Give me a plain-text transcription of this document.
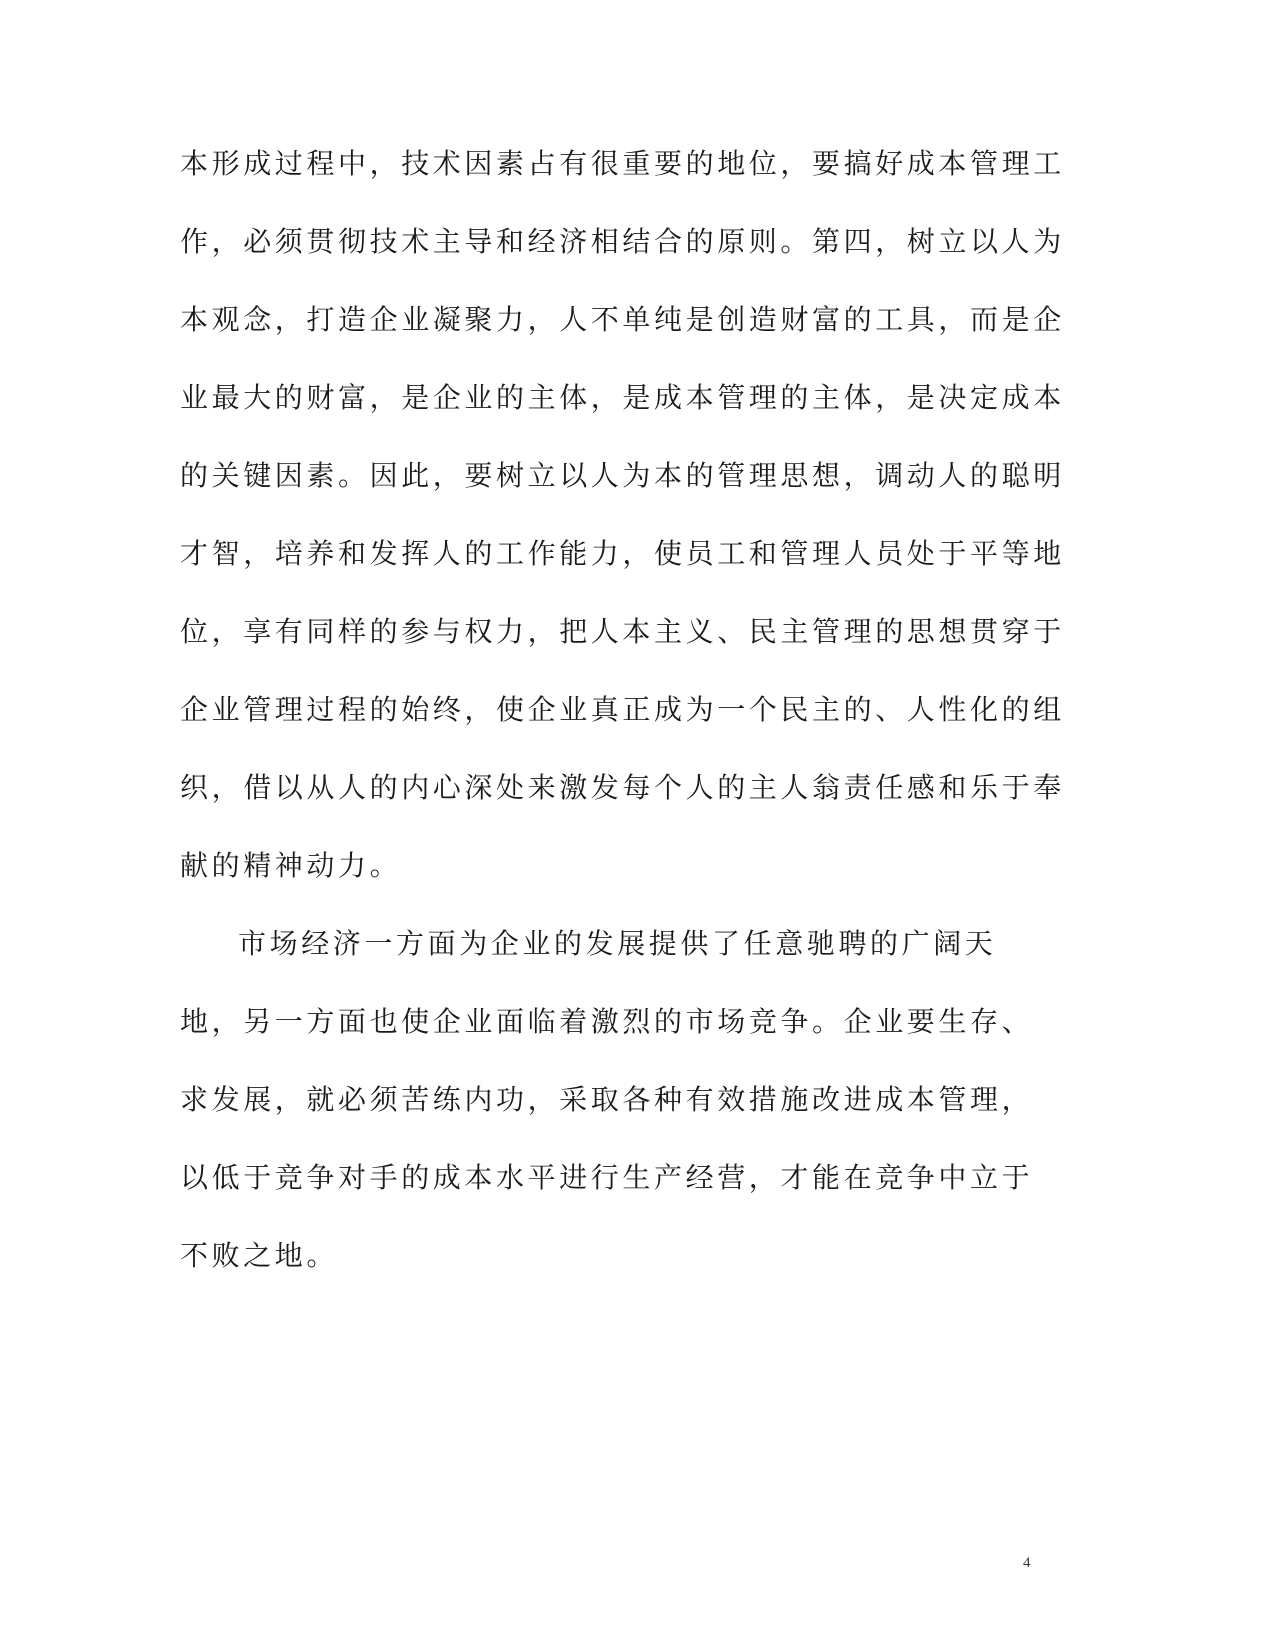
本形成过程中，技术因素占有很重要的地位，要搞好成本管理工
作，必须贯彻技术主导和经济相结合的原则。第四，树立以人为
本观念，打造企业凝聚力，人不单纯是创造财富的工具，而是企
业最大的财富，是企业的主体，是成本管理的主体，是决定成本
的关键因素。因此，要树立以人为本的管理思想，调动人的聪明
才智，培养和发挥人的工作能力，使员工和管理人员处于平等地
位，享有同样的参与权力，把人本主义、民主管理的思想贯穿于
企业管理过程的始终，使企业真正成为一个民主的、人性化的组
织，借以从人的内心深处来激发每个人的主人翁责任感和乐于奉
献的精神动力。
市场经济一方面为企业的发展提供了任意驰聘的广阔天
地，另一方面也使企业面临着激烈的市场竞争。企业要生存、
求发展，就必须苦练内功，采取各种有效措施改进成本管理，
以低于竞争对手的成本水平进行生产经营，才能在竞争中立于
不败之地。
4
